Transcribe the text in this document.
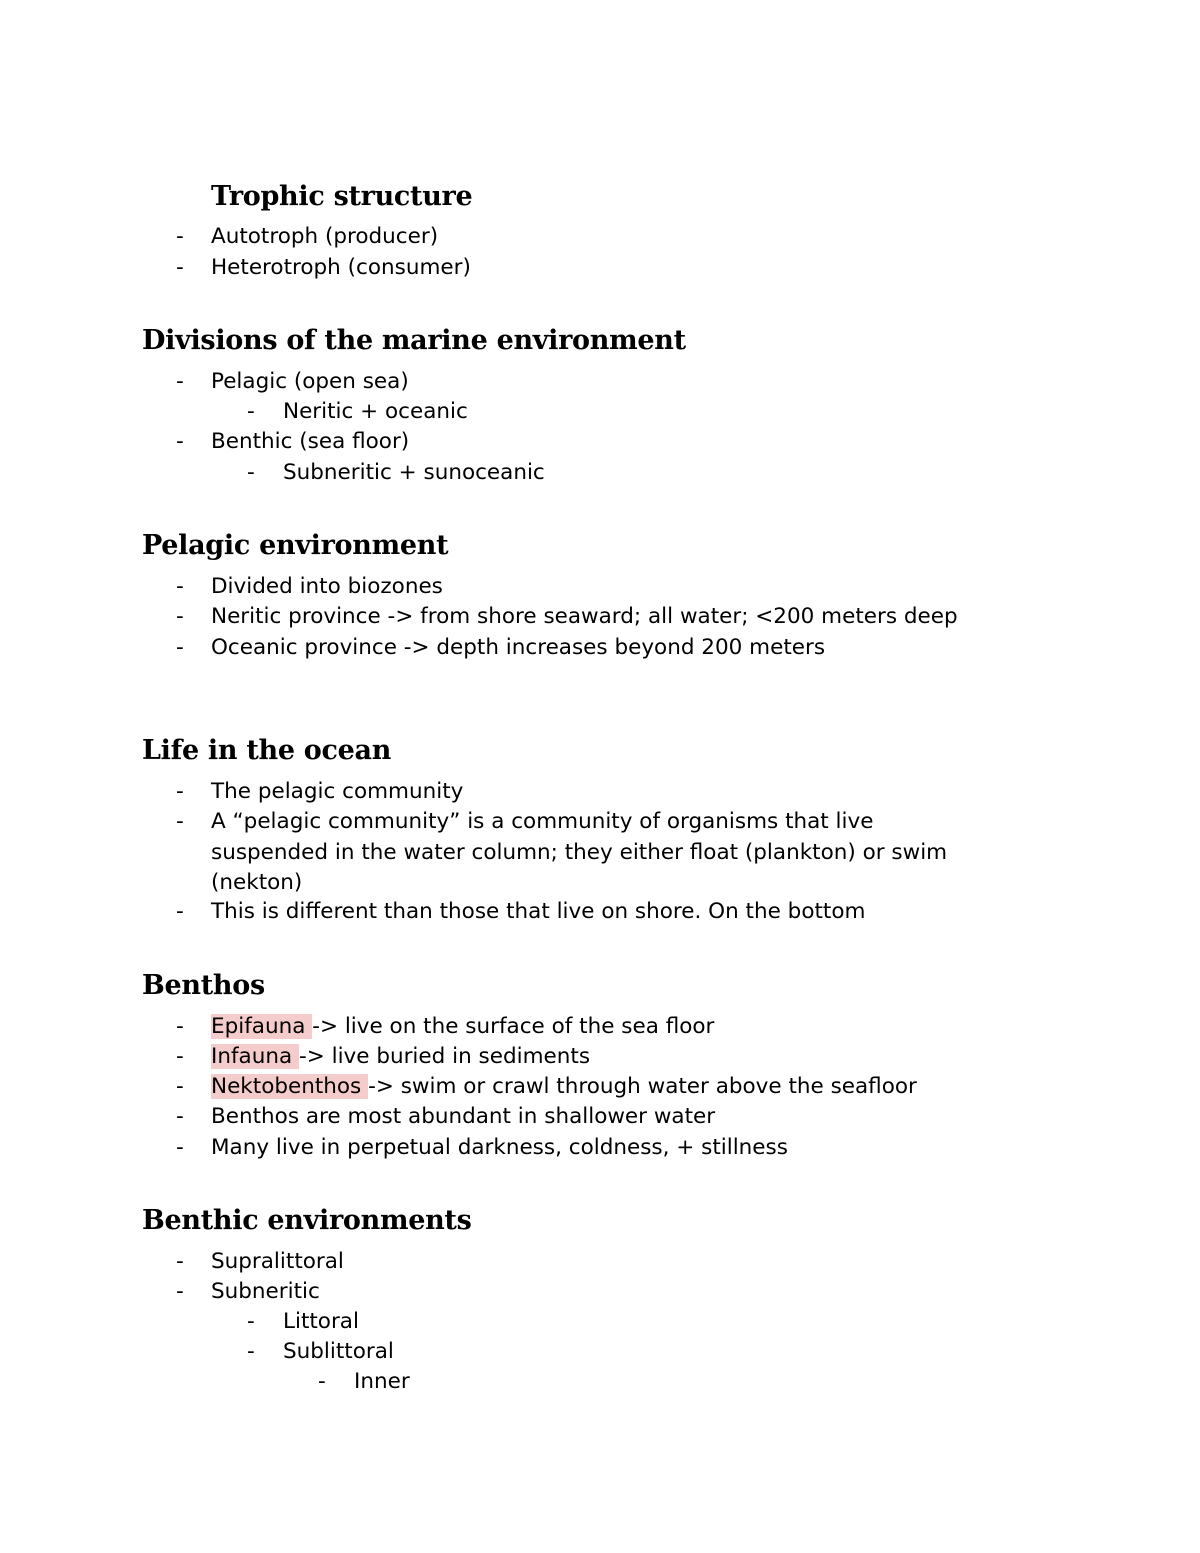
Trophic structure
- Autotroph (producer)
- Heterotroph (consumer)
Divisions of the marine environment
- Pelagic (open sea)
- Neritic + oceanic
- Benthic (sea floor)
- Subneritic + sunoceanic
Pelagic environment
- Divided into biozones
- Neritic province -> from shore seaward; all water; <200 meters deep
- Oceanic province -> depth increases beyond 200 meters
Life in the ocean
- The pelagic community
- A “pelagic community” is a community of organisms that live
suspended in the water column; they either float (plankton) or swim
(nekton)
- This is different than those that live on shore. On the bottom
Benthos
- Epifauna -> live on the surface of the sea floor
- Infauna -> live buried in sediments
- Nektobenthos -> swim or crawl through water above the seafloor
- Benthos are most abundant in shallower water
- Many live in perpetual darkness, coldness, + stillness
Benthic environments
- Supralittoral
- Subneritic
- Littoral
- Sublittoral
- Inner
